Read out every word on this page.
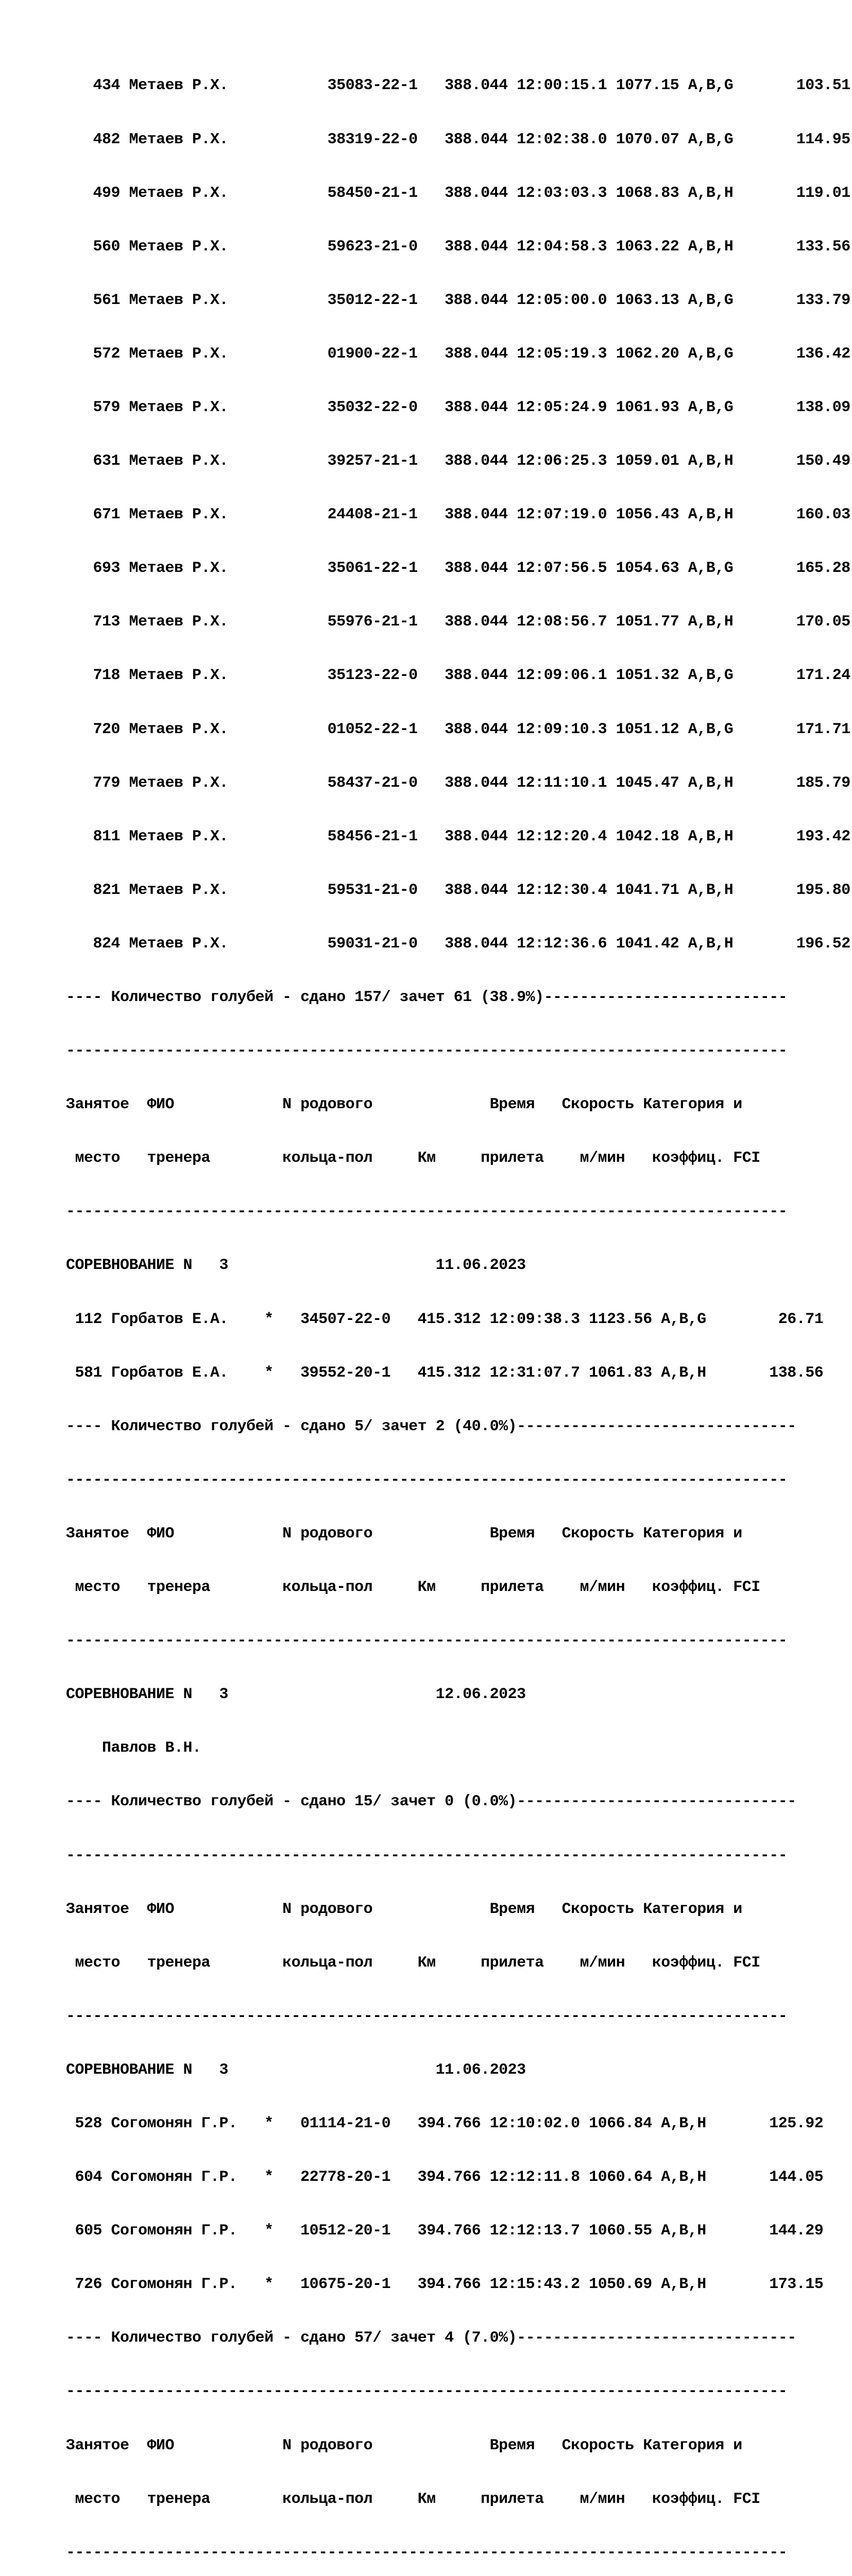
434 Метаев Р.Х.           35083-22-1   388.044 12:00:15.1 1077.15 A,B,G       103.51

482 Метаев Р.Х.           38319-22-0   388.044 12:02:38.0 1070.07 A,B,G       114.95

499 Метаев Р.Х.           58450-21-1   388.044 12:03:03.3 1068.83 A,B,H       119.01

560 Метаев Р.Х.           59623-21-0   388.044 12:04:58.3 1063.22 A,B,H       133.56

561 Метаев Р.Х.           35012-22-1   388.044 12:05:00.0 1063.13 A,B,G       133.79

572 Метаев Р.Х.           01900-22-1   388.044 12:05:19.3 1062.20 A,B,G       136.42

579 Метаев Р.Х.           35032-22-0   388.044 12:05:24.9 1061.93 A,B,G       138.09

631 Метаев Р.Х.           39257-21-1   388.044 12:06:25.3 1059.01 A,B,H       150.49

671 Метаев Р.Х.           24408-21-1   388.044 12:07:19.0 1056.43 A,B,H       160.03

693 Метаев Р.Х.           35061-22-1   388.044 12:07:56.5 1054.63 A,B,G       165.28

713 Метаев Р.Х.           55976-21-1   388.044 12:08:56.7 1051.77 A,B,H       170.05

718 Метаев Р.Х.           35123-22-0   388.044 12:09:06.1 1051.32 A,B,G       171.24

720 Метаев Р.Х.           01052-22-1   388.044 12:09:10.3 1051.12 A,B,G       171.71

779 Метаев Р.Х.           58437-21-0   388.044 12:11:10.1 1045.47 A,B,H       185.79

811 Метаев Р.Х.           58456-21-1   388.044 12:12:20.4 1042.18 A,B,H       193.42

821 Метаев Р.Х.           59531-21-0   388.044 12:12:30.4 1041.71 A,B,H       195.80

824 Метаев Р.Х.           59031-21-0   388.044 12:12:36.6 1041.42 A,B,H       196.52

---- Количество голубей - сдано 157/ зачет 61 (38.9%)---------------------------

--------------------------------------------------------------------------------

Занятое  ФИО            N родового             Время   Скорость Категория и

место   тренера        кольца-пол     Км     прилета    м/мин   коэффиц. FCI

--------------------------------------------------------------------------------

СОРЕВНОВАНИЕ N   3                       11.06.2023

112 Горбатов Е.А.    *   34507-22-0   415.312 12:09:38.3 1123.56 A,B,G        26.71

581 Горбатов Е.А.    *   39552-20-1   415.312 12:31:07.7 1061.83 A,B,H       138.56

---- Количество голубей - сдано 5/ зачет 2 (40.0%)-------------------------------

--------------------------------------------------------------------------------

Занятое  ФИО            N родового             Время   Скорость Категория и

место   тренера        кольца-пол     Км     прилета    м/мин   коэффиц. FCI

--------------------------------------------------------------------------------

СОРЕВНОВАНИЕ N   3                       12.06.2023

Павлов В.Н.

---- Количество голубей - сдано 15/ зачет 0 (0.0%)-------------------------------

--------------------------------------------------------------------------------

Занятое  ФИО            N родового             Время   Скорость Категория и

место   тренера        кольца-пол     Км     прилета    м/мин   коэффиц. FCI

--------------------------------------------------------------------------------

СОРЕВНОВАНИЕ N   3                       11.06.2023

528 Согомонян Г.Р.   *   01114-21-0   394.766 12:10:02.0 1066.84 A,B,H       125.92

604 Согомонян Г.Р.   *   22778-20-1   394.766 12:12:11.8 1060.64 A,B,H       144.05

605 Согомонян Г.Р.   *   10512-20-1   394.766 12:12:13.7 1060.55 A,B,H       144.29

726 Согомонян Г.Р.   *   10675-20-1   394.766 12:15:43.2 1050.69 A,B,H       173.15

---- Количество голубей - сдано 57/ зачет 4 (7.0%)-------------------------------

--------------------------------------------------------------------------------

Занятое  ФИО            N родового             Время   Скорость Категория и

место   тренера        кольца-пол     Км     прилета    м/мин   коэффиц. FCI

--------------------------------------------------------------------------------
